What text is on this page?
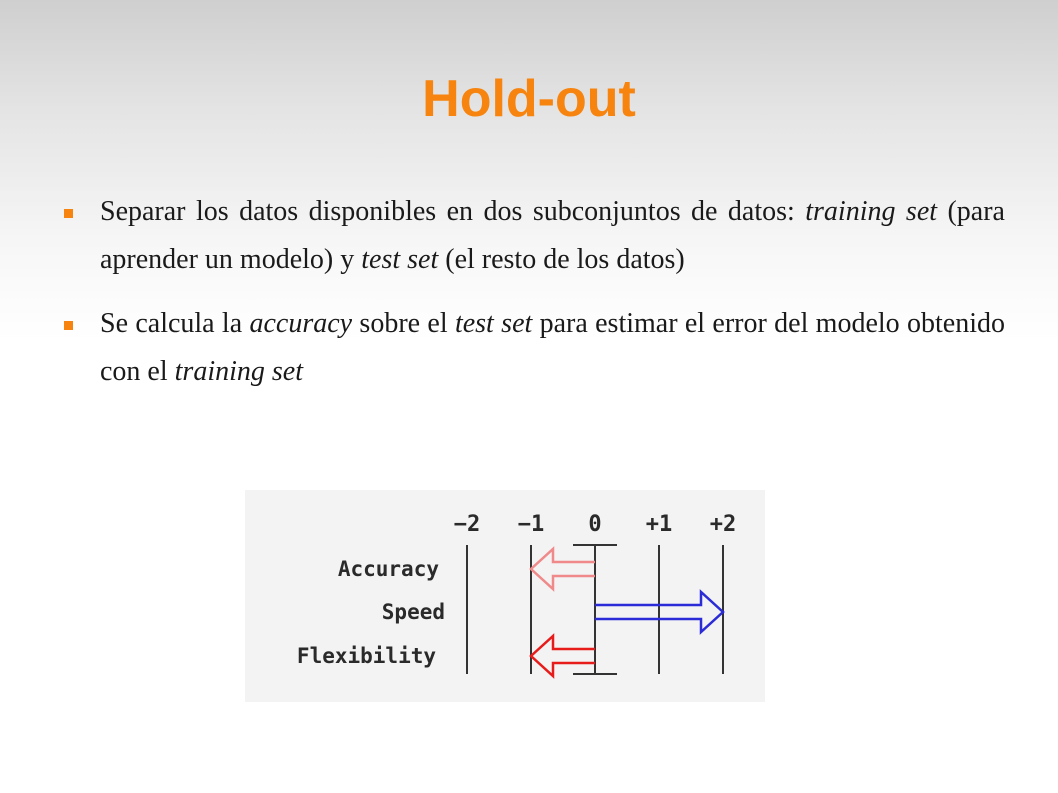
Hold-out
Separar los datos disponibles en dos subconjuntos de datos: training set (para aprender un modelo) y test set (el resto de los datos)
Se calcula la accuracy sobre el test set para estimar el error del modelo obtenido con el training set
−2 −1 0 +1 +2
Accuracy
Speed
Flexibility
